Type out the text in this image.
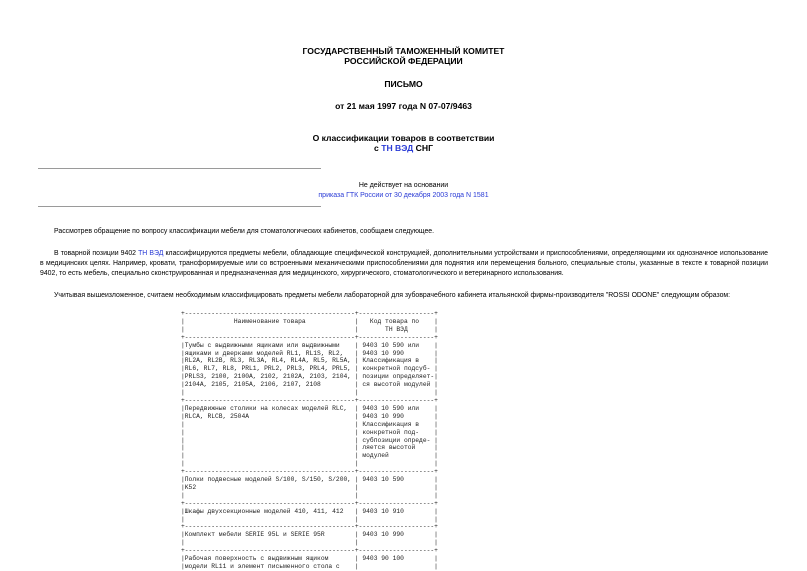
ГОСУДАРСТВЕННЫЙ ТАМОЖЕННЫЙ КОМИТЕТ
РОССИЙСКОЙ ФЕДЕРАЦИИ
ПИСЬМО
от 21 мая 1997 года N 07-07/9463
О классификации товаров в соответствии
с ТН ВЭД СНГ
Не действует на основании
приказа ГТК России от 30 декабря 2003 года N 1581
Рассмотрев обращение по вопросу классификации мебели для стоматологических кабинетов, сообщаем следующее.
В товарной позиции 9402 ТН ВЭД классифицируются предметы мебели, обладающие специфической конструкцией, дополнительными устройствами и приспособлениями, определяющими их однозначное использование в медицинских целях. Например, кровати, трансформируемые или со встроенными механическими приспособлениями для поднятия или перемещения больного, специальные столы, указанные в тексте к товарной позиции 9402, то есть мебель, специально сконструированная и предназначенная для медицинского, хирургического, стоматологического и ветеринарного использования.
Учитывая вышеизложенное, считаем необходимым классифицировать предметы мебели лабораторной для зубоврачебного кабинета итальянской фирмы-производителя "ROSSI ODONE" следующим образом:
+---------------------------------------------+--------------------+
|             Наименование товара             |   Код товара по    |
|                                             |       ТН ВЭД       |
+---------------------------------------------+--------------------+
|Тумбы с выдвижными ящиками или выдвижными    | 9403 10 590 или    |
|ящиками и дверками моделей RL1, RL1S, RL2,   | 9403 10 990        |
|RL2A, RL2B, RL3, RL3A, RL4, RL4A, RL5, RL5A, | Классификация в    |
|RL6, RL7, RL8, PRL1, PRL2, PRL3, PRL4, PRL5, | конкретной подсуб- |
|PRLS3, 2100, 2100A, 2102, 2102A, 2103, 2104, | позиции определяет-|
|2104A, 2105, 2105A, 2106, 2107, 2108         | ся высотой модулей |
|                                             |                    |
+---------------------------------------------+--------------------+
|Передвижные столики на колесах моделей RLC,  | 9403 10 590 или    |
|RLCA, RLCB, 2504A                            | 9403 10 990        |
|                                             | Классификация в    |
|                                             | конкретной под-    |
|                                             | субпозиции опреде- |
|                                             | ляется высотой     |
|                                             | модулей            |
|                                             |                    |
+---------------------------------------------+--------------------+
|Полки подвесные моделей S/100, S/150, S/200, | 9403 10 590        |
|K52                                          |                    |
|                                             |                    |
+---------------------------------------------+--------------------+
|Шкафы двухсекционные моделей 410, 411, 412   | 9403 10 910        |
|                                             |                    |
+---------------------------------------------+--------------------+
|Комплект мебели SERIE 95L и SERIE 95R        | 9403 10 990        |
|                                             |                    |
+---------------------------------------------+--------------------+
|Рабочая поверхность с выдвижным ящиком       | 9403 90 100        |
|модели RL11 и элемент письменного стола с    |                    |
